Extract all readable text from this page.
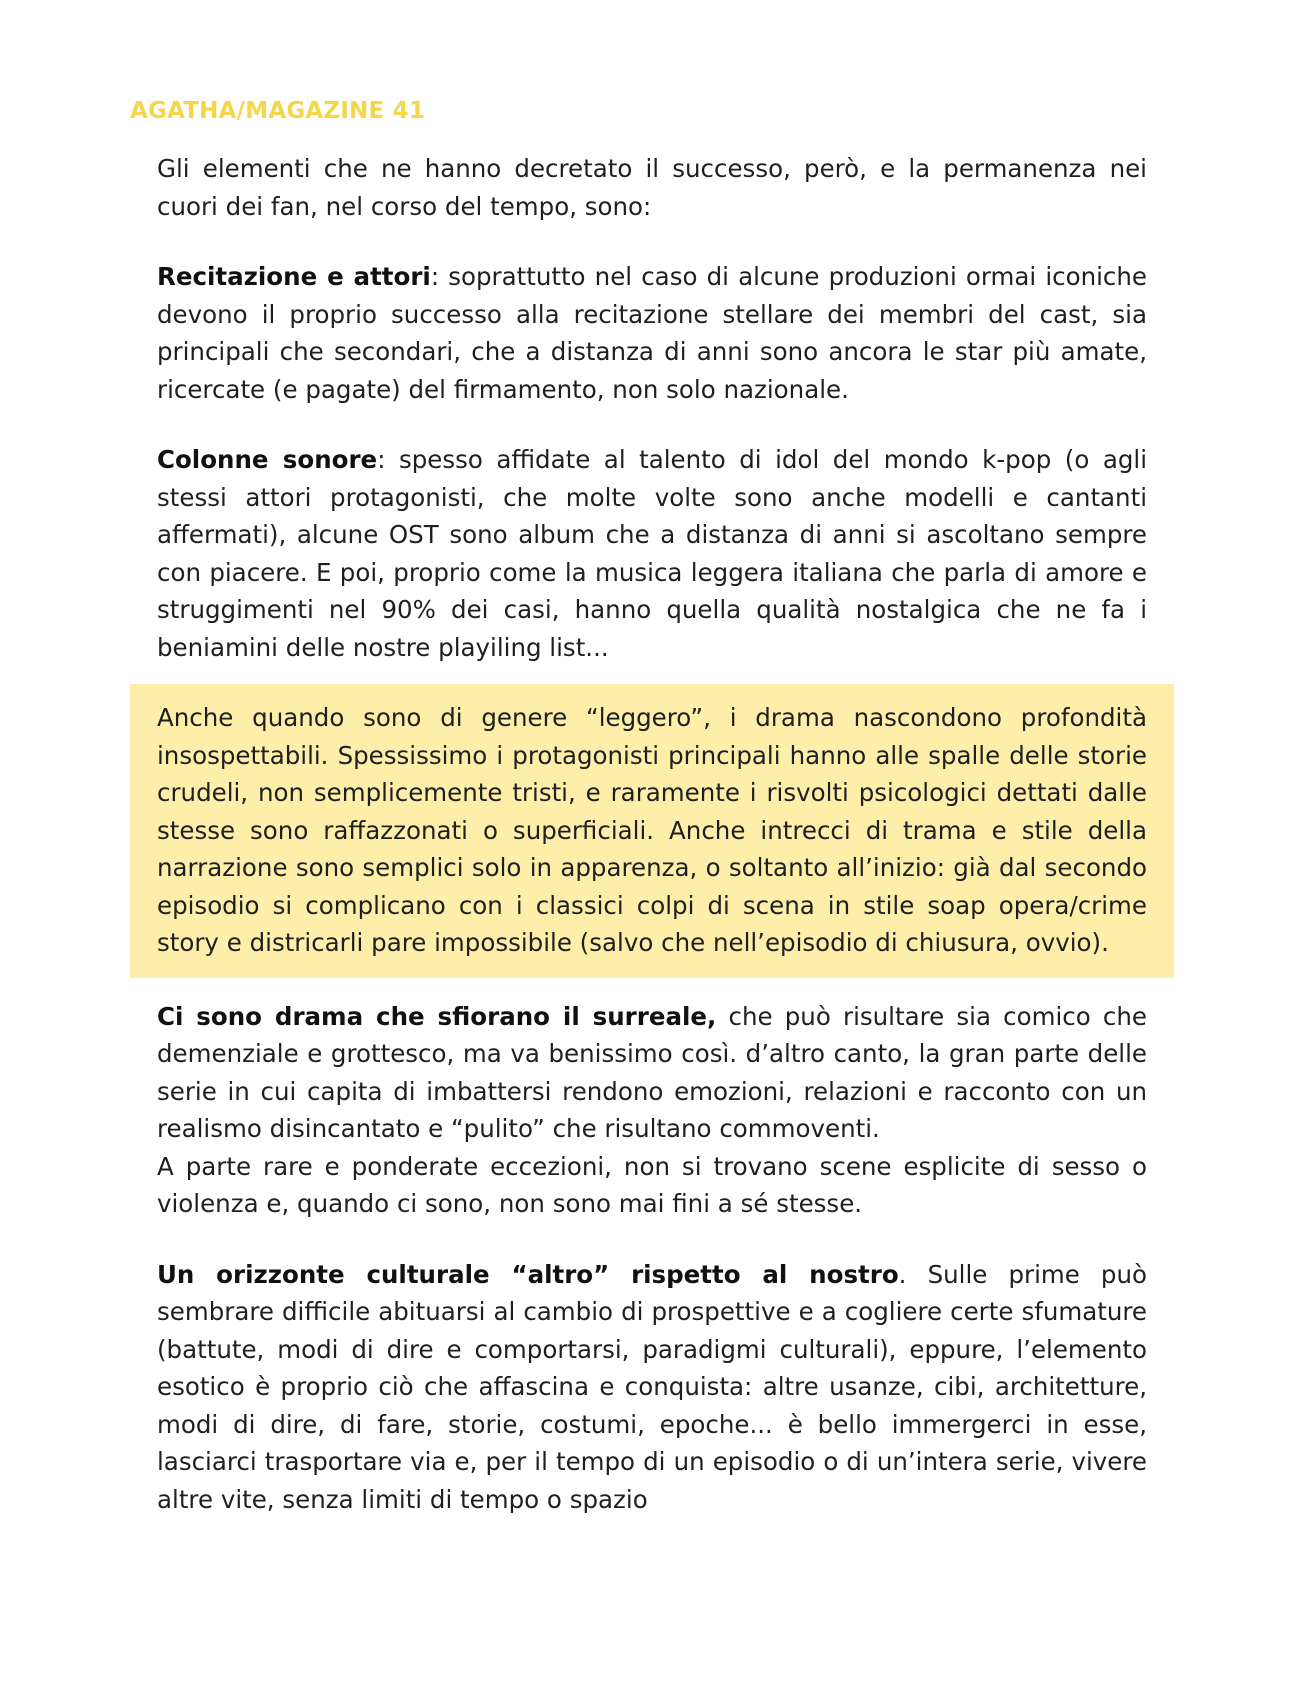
AGATHA/MAGAZINE 41

Gli elementi che ne hanno decretato il successo, però, e la permanenza nei cuori dei fan, nel corso del tempo, sono:

Recitazione e attori: soprattutto nel caso di alcune produzioni ormai iconiche devono il proprio successo alla recitazione stellare dei membri del cast, sia principali che secondari, che a distanza di anni sono ancora le star più amate, ricercate (e pagate) del firmamento, non solo nazionale.

Colonne sonore: spesso affidate al talento di idol del mondo k-pop (o agli stessi attori protagonisti, che molte volte sono anche modelli e cantanti affermati), alcune OST sono album che a distanza di anni si ascoltano sempre con piacere. E poi, proprio come la musica leggera italiana che parla di amore e struggimenti nel 90% dei casi, hanno quella qualità nostalgica che ne fa i beniamini delle nostre playiling list...

Anche quando sono di genere “leggero”, i drama nascondono profondità insospettabili. Spessissimo i protagonisti principali hanno alle spalle delle storie crudeli, non semplicemente tristi, e raramente i risvolti psicologici dettati dalle stesse sono raffazzonati o superficiali. Anche intrecci di trama e stile della narrazione sono semplici solo in apparenza, o soltanto all’inizio: già dal secondo episodio si complicano con i classici colpi di scena in stile soap opera/crime story e districarli pare impossibile (salvo che nell’episodio di chiusura, ovvio).

Ci sono drama che sfiorano il surreale, che può risultare sia comico che demenziale e grottesco, ma va benissimo così. d’altro canto, la gran parte delle serie in cui capita di imbattersi rendono emozioni, relazioni e racconto con un realismo disincantato e “pulito” che risultano commoventi.

A parte rare e ponderate eccezioni, non si trovano scene esplicite di sesso o violenza e, quando ci sono, non sono mai fini a sé stesse.

Un orizzonte culturale “altro” rispetto al nostro. Sulle prime può sembrare difficile abituarsi al cambio di prospettive e a cogliere certe sfumature (battute, modi di dire e comportarsi, paradigmi culturali), eppure, l’elemento esotico è proprio ciò che affascina e conquista: altre usanze, cibi, architetture, modi di dire, di fare, storie, costumi, epoche... è bello immergerci in esse, lasciarci trasportare via e, per il tempo di un episodio o di un’intera serie, vivere altre vite, senza limiti di tempo o spazio
